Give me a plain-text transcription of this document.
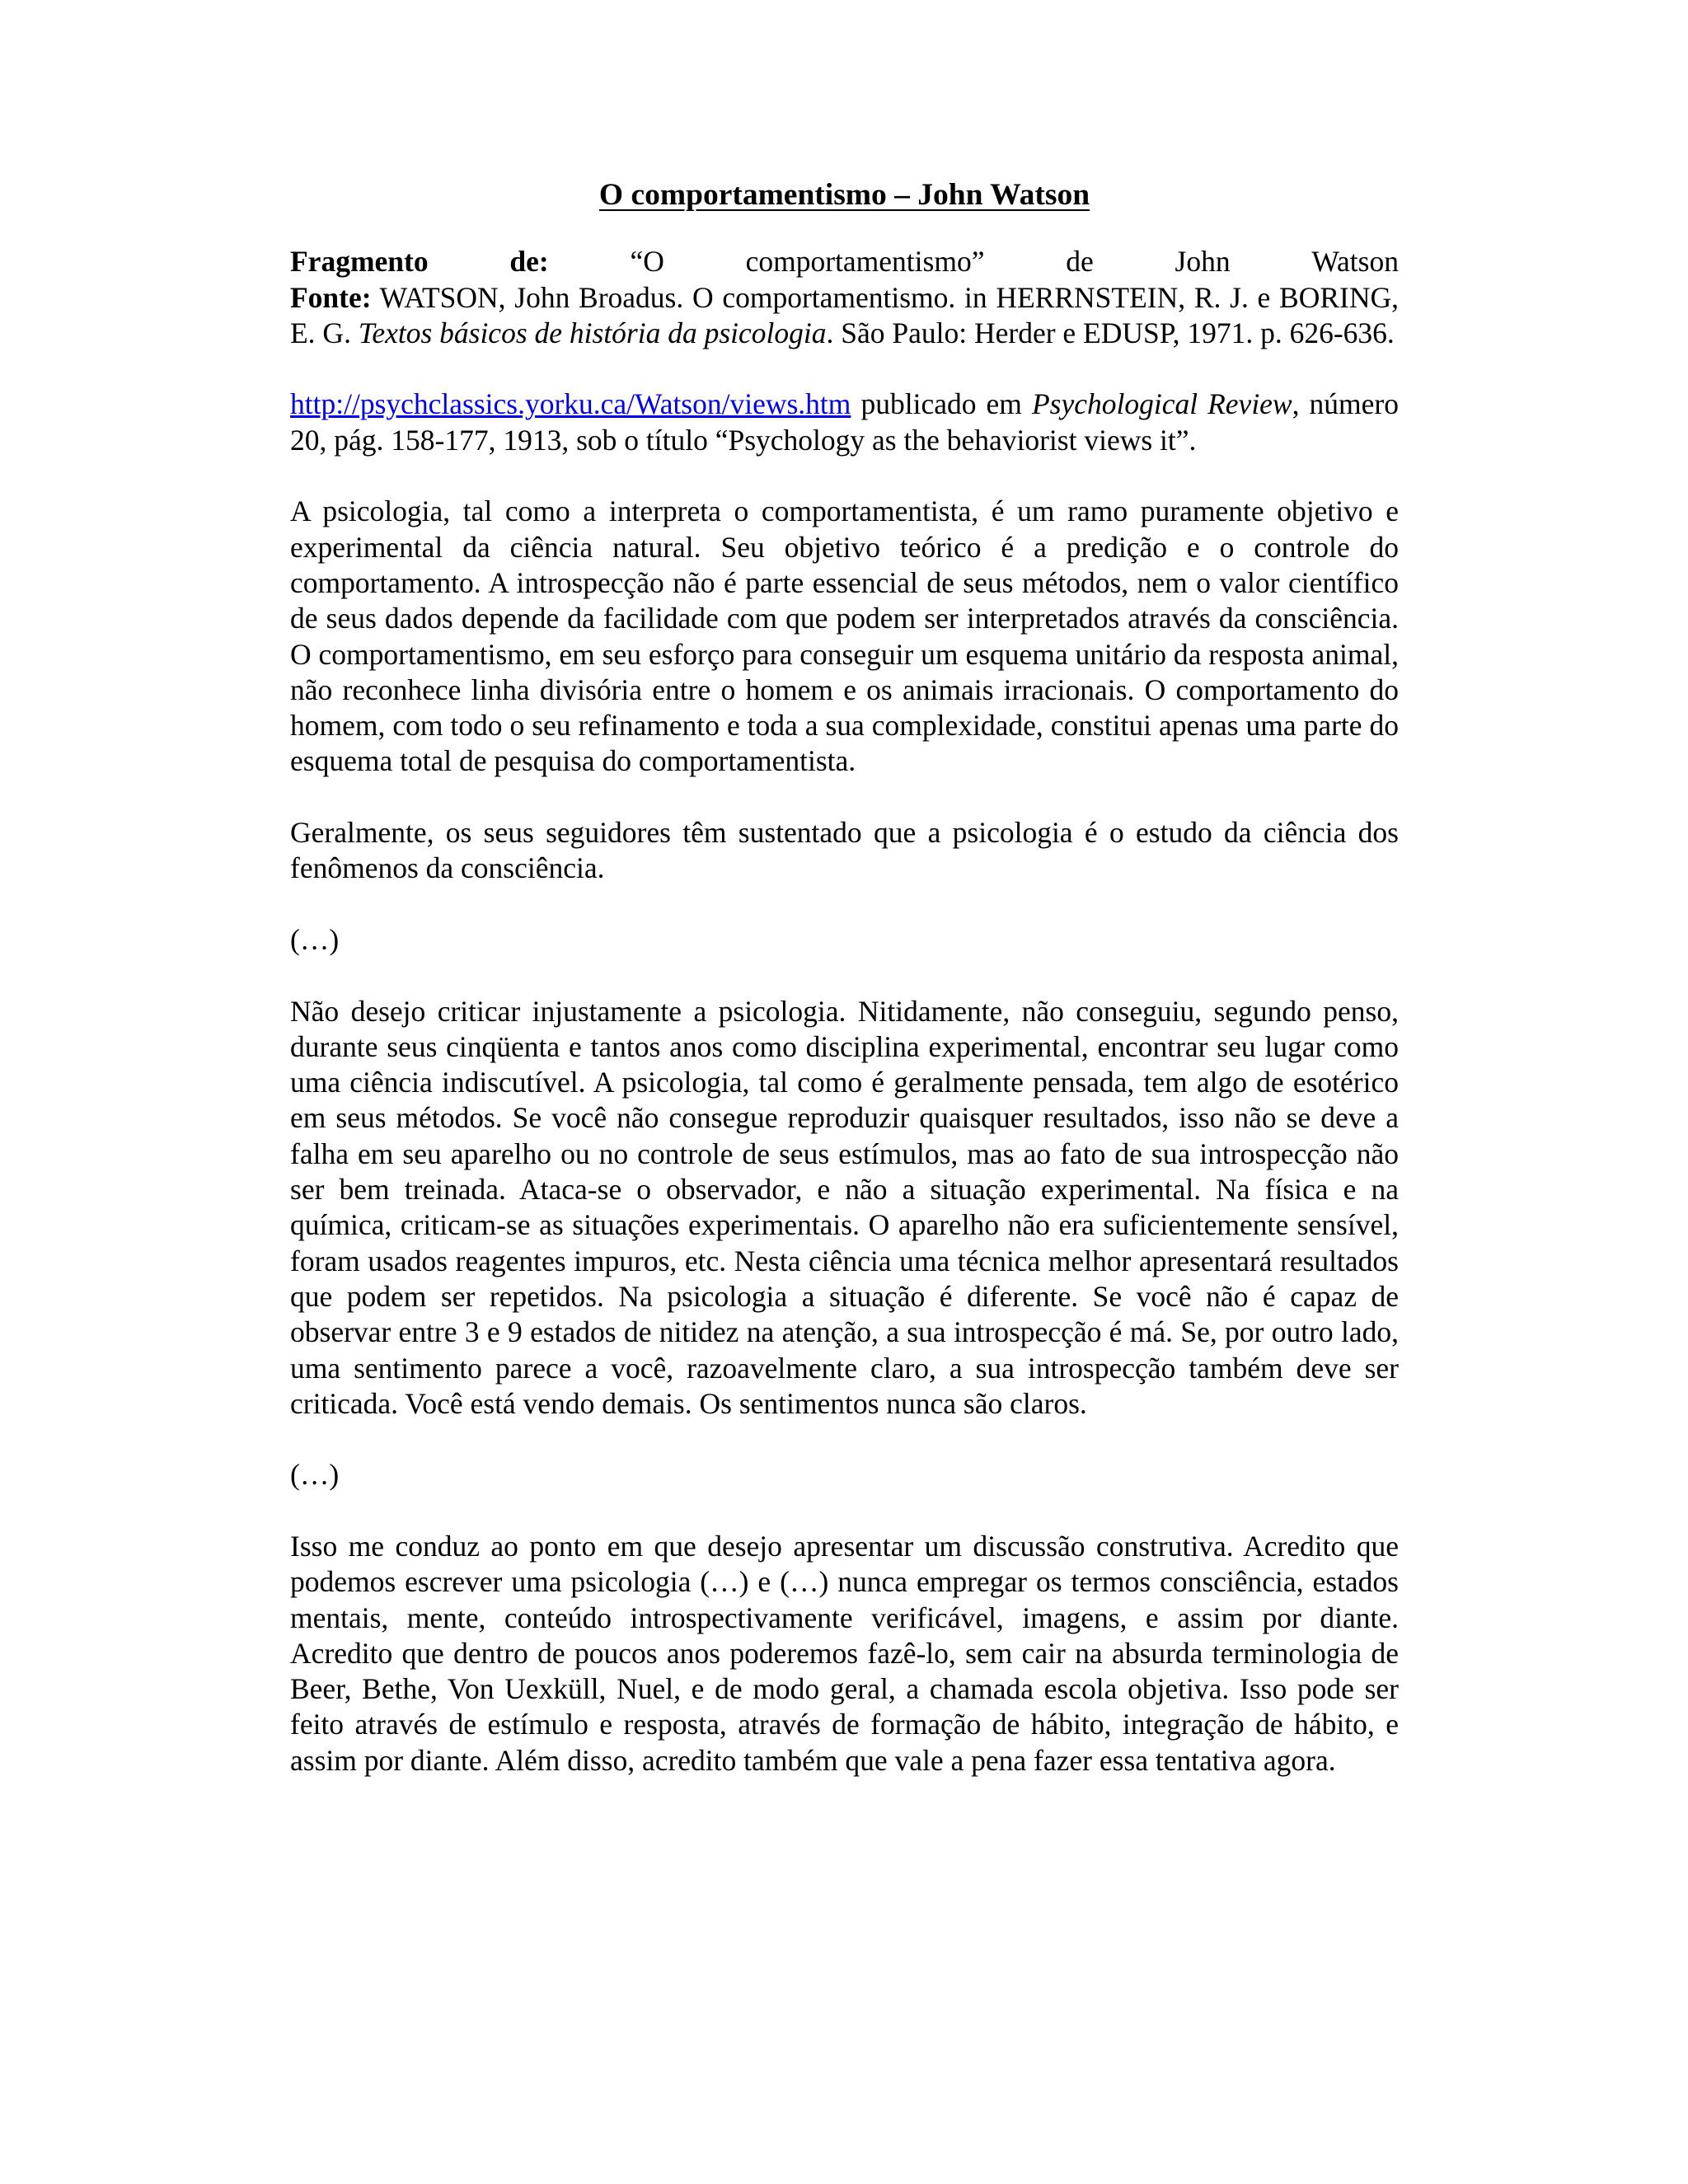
O comportamentismo – John Watson
Fragmento	de:	“O	comportamentismo”	de	John	Watson

Fonte: WATSON, John Broadus. O comportamentismo. in HERRNSTEIN, R. J. e BORING, E. G. Textos básicos de história da psicologia. São Paulo: Herder e EDUSP, 1971. p. 626-636.

http://psychclassics.yorku.ca/Watson/views.htm publicado em Psychological Review, número 20, pág. 158-177, 1913, sob o título “Psychology as the behaviorist views it”.

A psicologia, tal como a interpreta o comportamentista, é um ramo puramente objetivo e experimental da ciência natural. Seu objetivo teórico é a predição e o controle do comportamento. A introspecção não é parte essencial de seus métodos, nem o valor científico de seus dados depende da facilidade com que podem ser interpretados através da consciência. O comportamentismo, em seu esforço para conseguir um esquema unitário da resposta animal, não reconhece linha divisória entre o homem e os animais irracionais. O comportamento do homem, com todo o seu refinamento e toda a sua complexidade, constitui apenas uma parte do esquema total de pesquisa do comportamentista.

Geralmente, os seus seguidores têm sustentado que a psicologia é o estudo da ciência dos fenômenos da consciência.

(…)

Não desejo criticar injustamente a psicologia. Nitidamente, não conseguiu, segundo penso, durante seus cinqüenta e tantos anos como disciplina experimental, encontrar seu lugar como uma ciência indiscutível. A psicologia, tal como é geralmente pensada, tem algo de esotérico em seus métodos. Se você não consegue reproduzir quaisquer resultados, isso não se deve a falha em seu aparelho ou no controle de seus estímulos, mas ao fato de sua introspecção não ser bem treinada. Ataca-se o observador, e não a situação experimental. Na física e na química, criticam-se as situações experimentais. O aparelho não era suficientemente sensível, foram usados reagentes impuros, etc. Nesta ciência uma técnica melhor apresentará resultados que podem ser repetidos. Na psicologia a situação é diferente. Se você não é capaz de observar entre 3 e 9 estados de nitidez na atenção, a sua introspecção é má. Se, por outro lado, uma sentimento parece a você, razoavelmente claro, a sua introspecção também deve ser criticada. Você está vendo demais. Os sentimentos nunca são claros.

(…)

Isso me conduz ao ponto em que desejo apresentar um discussão construtiva. Acredito que podemos escrever uma psicologia (…) e (…) nunca empregar os termos consciência, estados mentais, mente, conteúdo introspectivamente verificável, imagens, e assim por diante. Acredito que dentro de poucos anos poderemos fazê-lo, sem cair na absurda terminologia de Beer, Bethe, Von Uexküll, Nuel, e de modo geral, a chamada escola objetiva. Isso pode ser feito através de estímulo e resposta, através de formação de hábito, integração de hábito, e assim por diante. Além disso, acredito também que vale a pena fazer essa tentativa agora.
